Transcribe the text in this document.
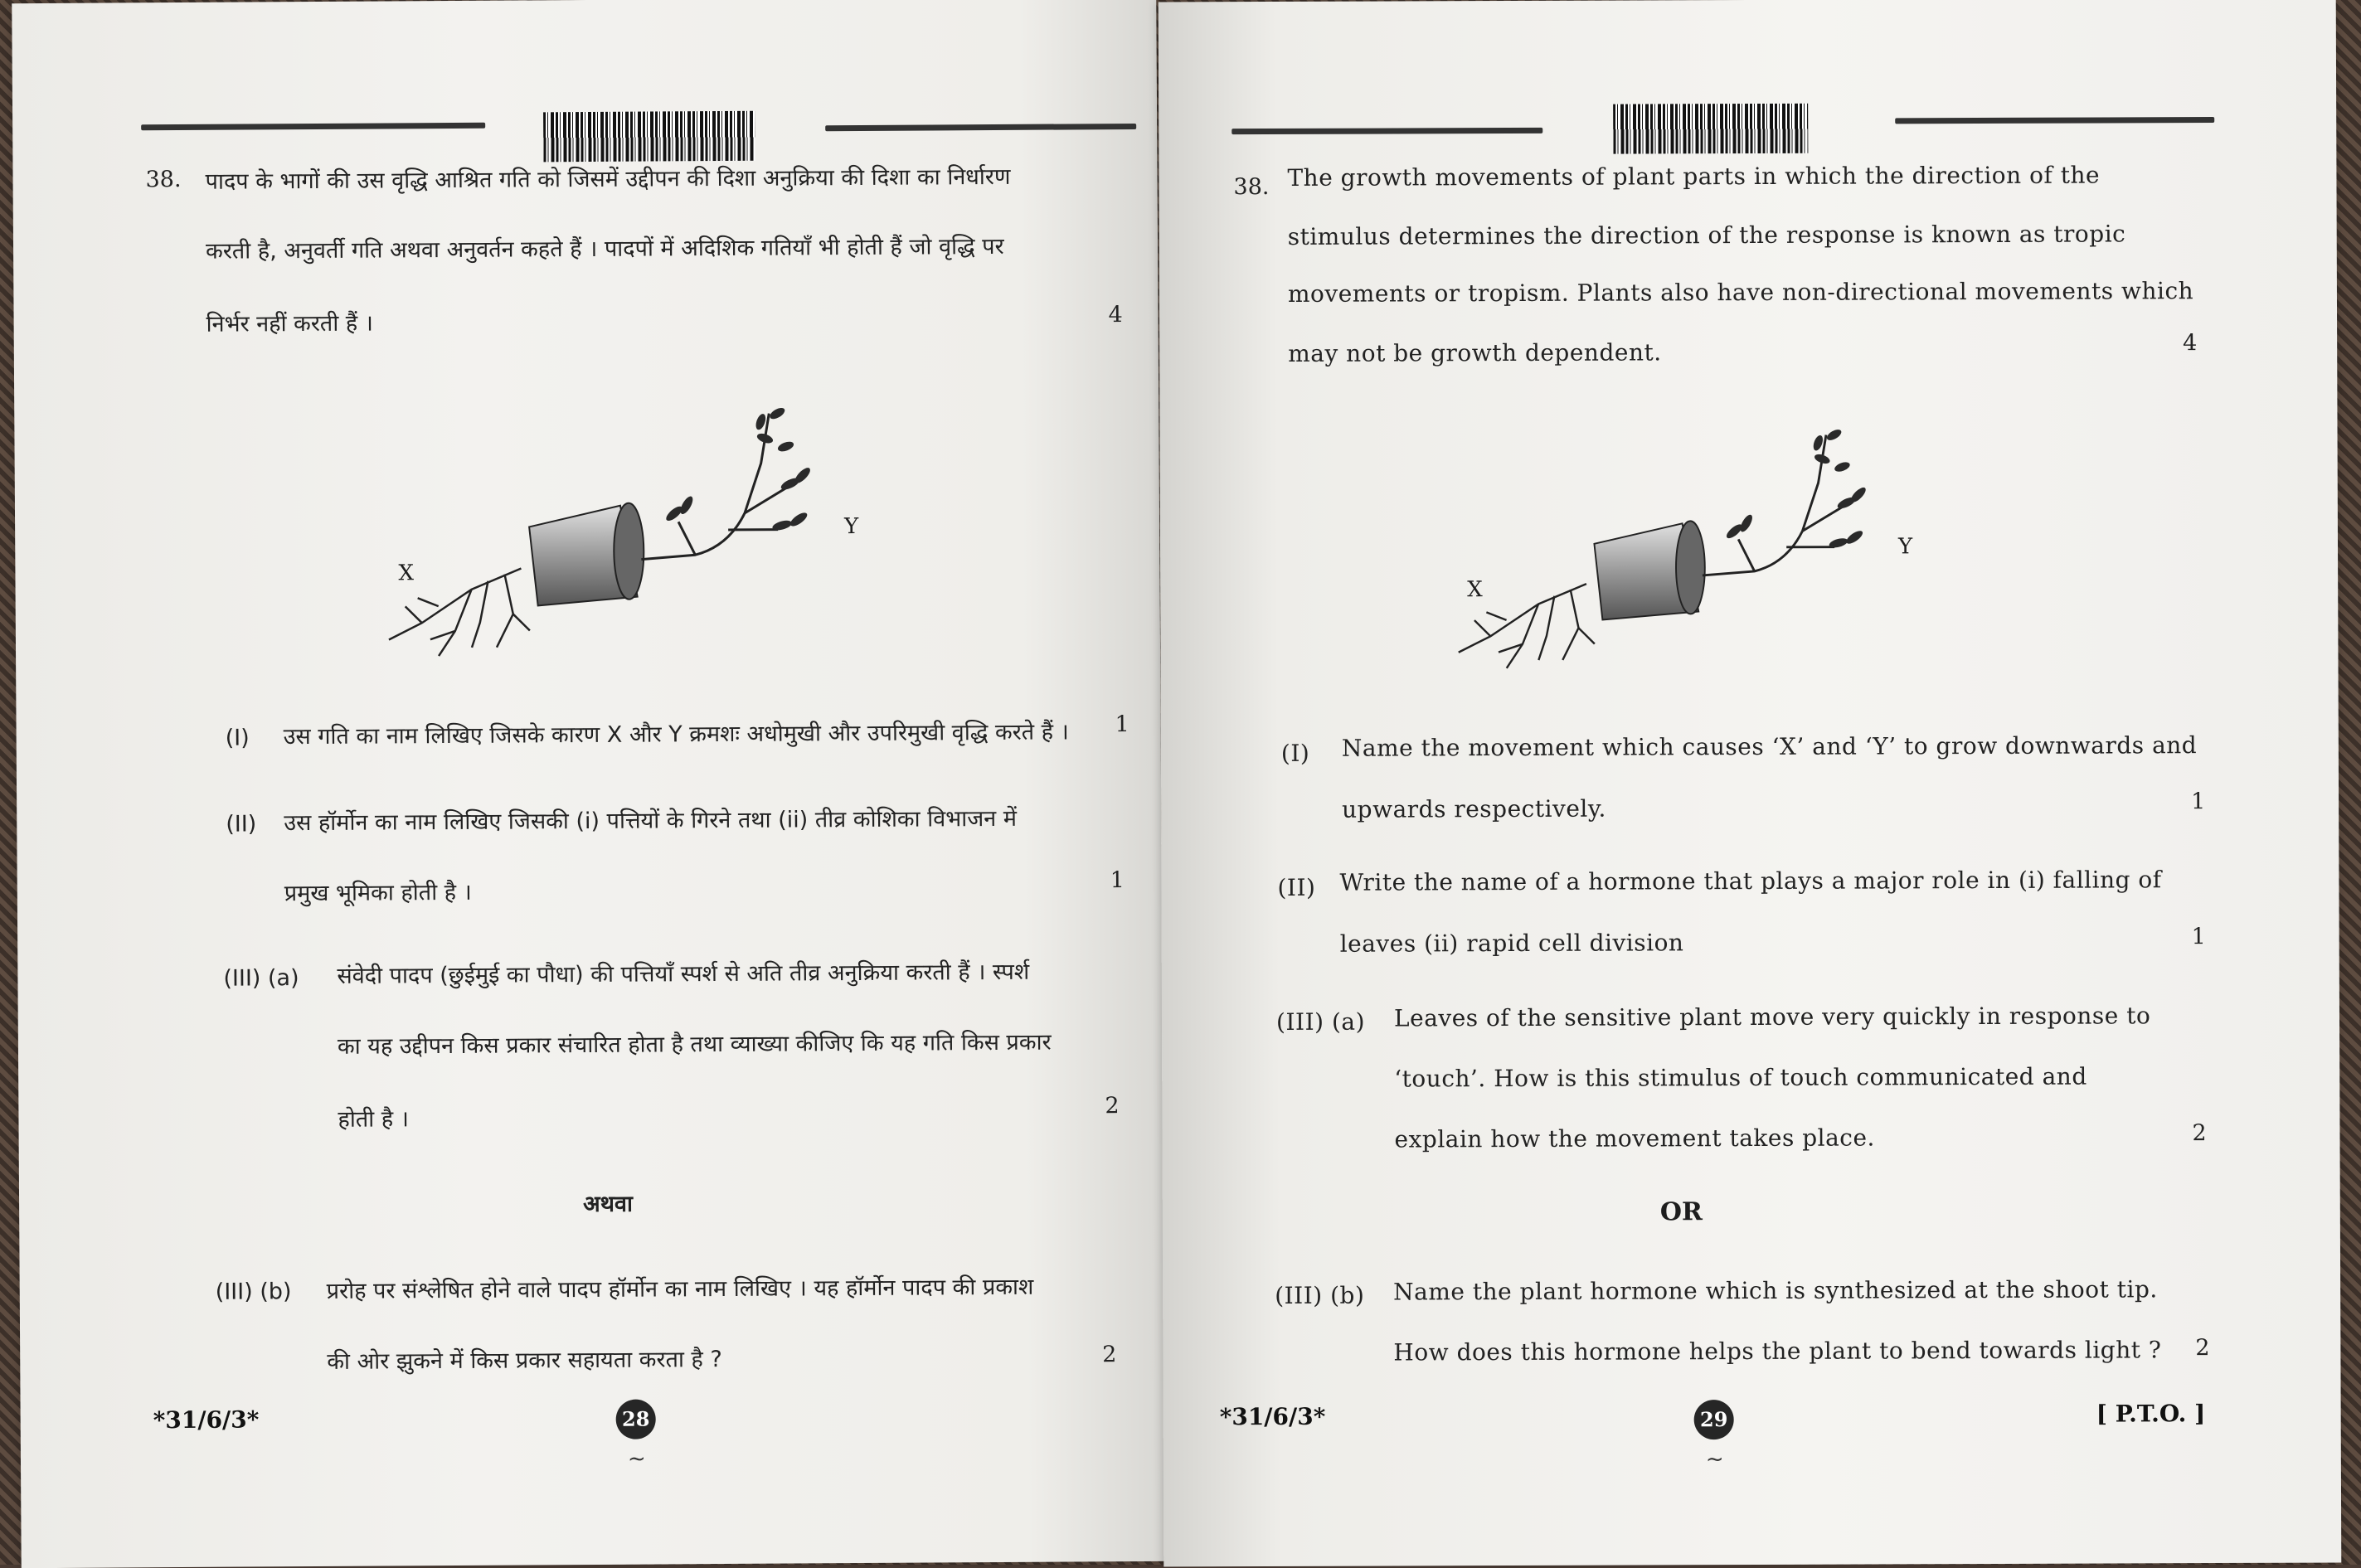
38. पादप के भागों की उस वृद्धि आश्रित गति को जिसमें उद्दीपन की दिशा अनुक्रिया की दिशा का निर्धारण
करती है, अनुवर्ती गति अथवा अनुवर्तन कहते हैं । पादपों में अदिशिक गतियाँ भी होती हैं जो वृद्धि पर
निर्भर नहीं करती हैं ।	4
X
Y
(I) उस गति का नाम लिखिए जिसके कारण X और Y क्रमशः अधोमुखी और उपरिमुखी वृद्धि करते हैं । 1
(II) उस हॉर्मोन का नाम लिखिए जिसकी (i) पत्तियों के गिरने तथा (ii) तीव्र कोशिका विभाजन में
प्रमुख भूमिका होती है ।	1
(III) (a) संवेदी पादप (छुईमुई का पौधा) की पत्तियाँ स्पर्श से अति तीव्र अनुक्रिया करती हैं । स्पर्श
का यह उद्दीपन किस प्रकार संचारित होता है तथा व्याख्या कीजिए कि यह गति किस प्रकार
होती है ।
2
अथवा
(III) (b) प्ररोह पर संश्लेषित होने वाले पादप हॉर्मोन का नाम लिखिए । यह हॉर्मोन पादप की प्रकाश
की ओर झुकने में किस प्रकार सहायता करता है ?	2
*31/6/3*	28
~
38. The growth movements of plant parts in which the direction of the
stimulus determines the direction of the response is known as tropic
movements or tropism. Plants also have non-directional movements which
may not be growth dependent.	4
X
Y
(I) Name the movement which causes ‘X’ and ‘Y’ to grow downwards and
upwards respectively.	1
(II) Write the name of a hormone that plays a major role in (i) falling of
leaves (ii) rapid cell division	1
(III) (a) Leaves of the sensitive plant move very quickly in response to
‘touch’. How is this stimulus of touch communicated and
explain how the movement takes place.	2
OR
(III) (b) Name the plant hormone which is synthesized at the shoot tip.
How does this hormone helps the plant to bend towards light ? 2
*31/6/3*	29
~
[ P.T.O. ]
